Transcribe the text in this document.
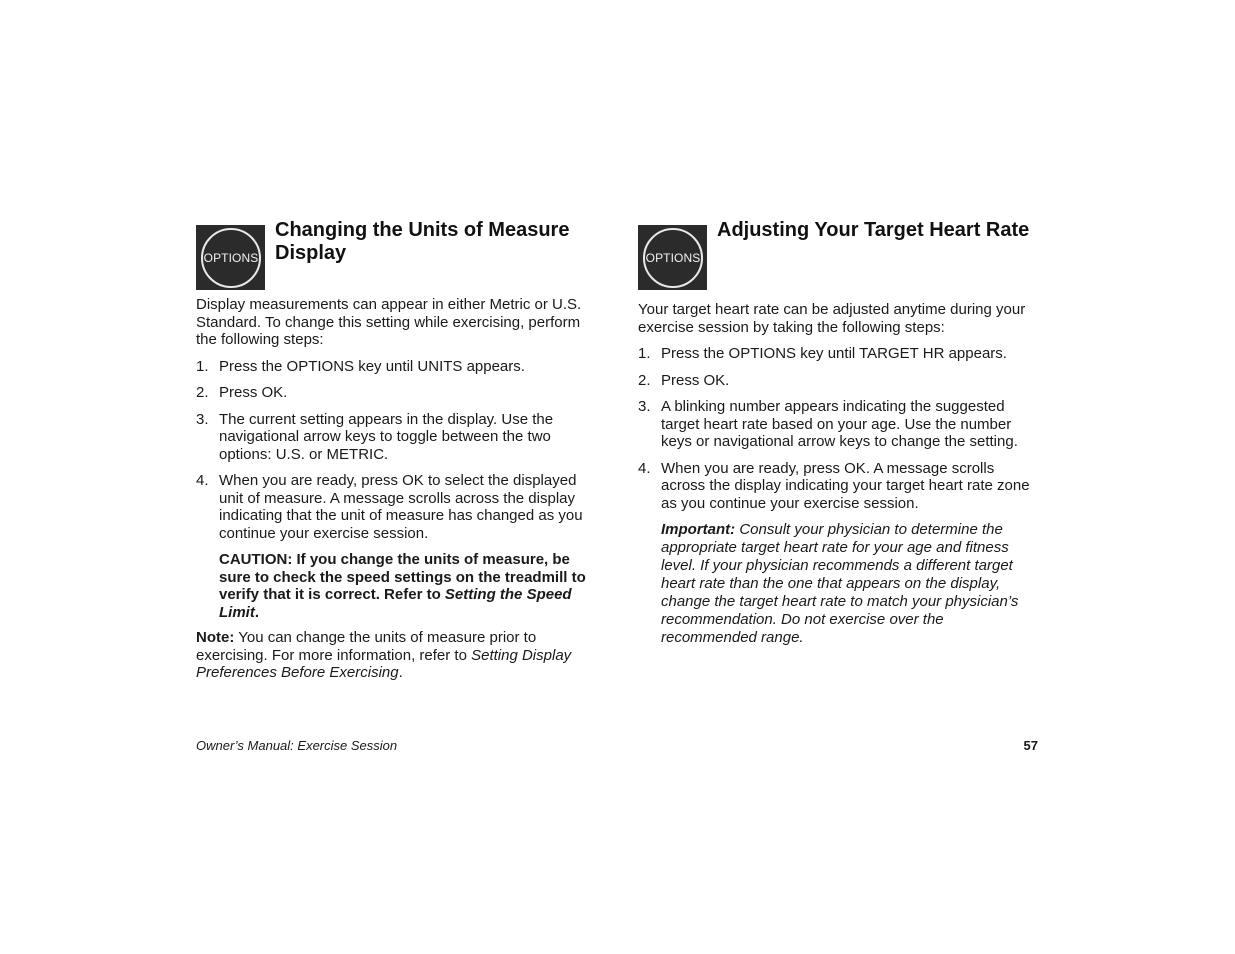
OPTIONS
Changing the Units of Measure
Display

Display measurements can appear in either Metric or U.S. Standard. To change this setting while exercising, perform the following steps:

1. Press the OPTIONS key until UNITS appears.
2. Press OK.
3. The current setting appears in the display. Use the navigational arrow keys to toggle between the two options: U.S. or METRIC.
4. When you are ready, press OK to select the displayed unit of measure. A message scrolls across the display indicating that the unit of measure has changed as you continue your exercise session.

CAUTION: If you change the units of measure, be sure to check the speed settings on the treadmill to verify that it is correct. Refer to Setting the Speed Limit.

Note: You can change the units of measure prior to exercising. For more information, refer to Setting Display Preferences Before Exercising.

OPTIONS
Adjusting Your Target Heart Rate

Your target heart rate can be adjusted anytime during your exercise session by taking the following steps:

1. Press the OPTIONS key until TARGET HR appears.
2. Press OK.
3. A blinking number appears indicating the suggested target heart rate based on your age. Use the number keys or navigational arrow keys to change the setting.
4. When you are ready, press OK. A message scrolls across the display indicating your target heart rate zone as you continue your exercise session.

Important: Consult your physician to determine the appropriate target heart rate for your age and fitness level. If your physician recommends a different target heart rate than the one that appears on the display, change the target heart rate to match your physician’s recommendation. Do not exercise over the recommended range.

Owner’s Manual: Exercise Session	57
